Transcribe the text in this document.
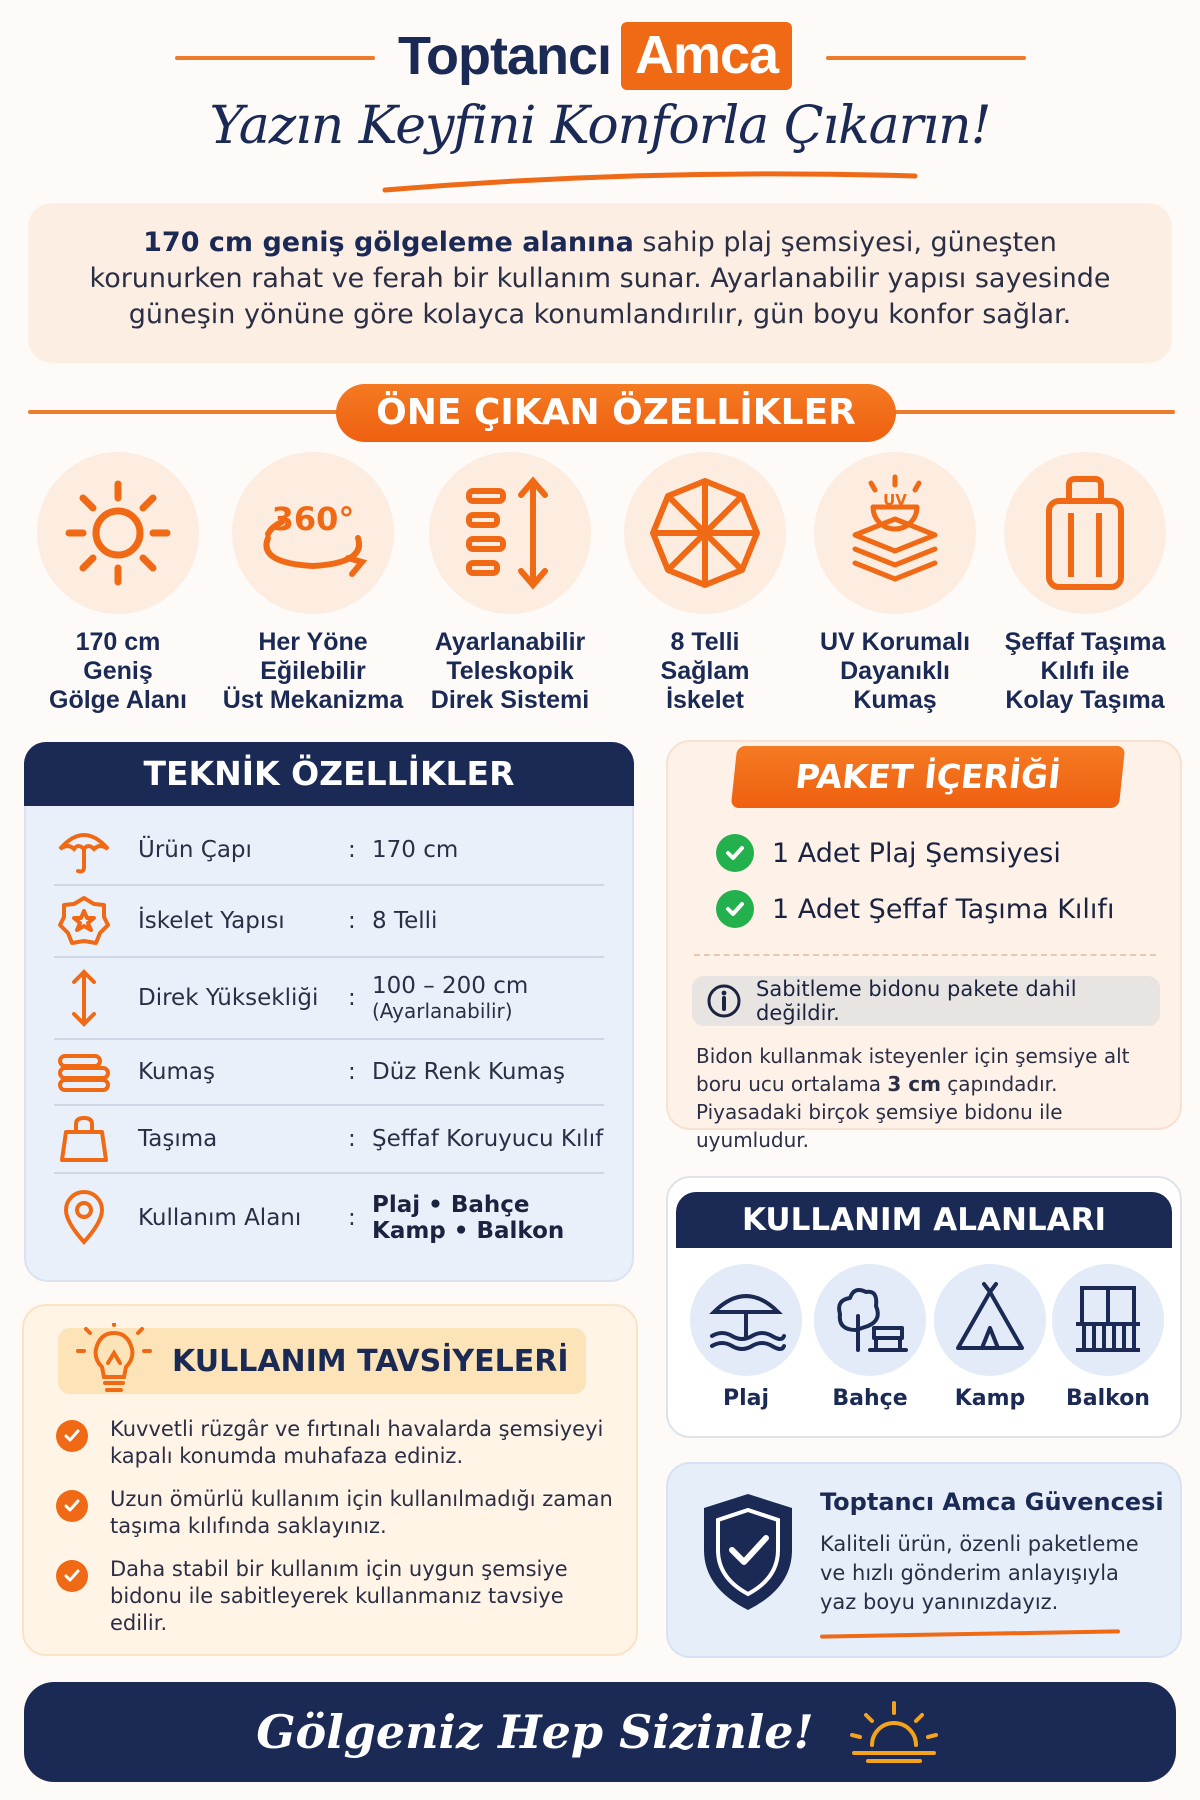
Toptancı Amca
Yazın Keyfini Konforla Çıkarın!
170 cm geniş gölgeleme alanına sahip plaj şemsiyesi, güneşten korunurken rahat ve ferah bir kullanım sunar. Ayarlanabilir yapısı sayesinde güneşin yönüne göre kolayca konumlandırılır, gün boyu konfor sağlar.
ÖNE ÇIKAN ÖZELLİKLER
170 cm
Geniş
Gölge Alanı
360°
Her Yöne
Eğilebilir
Üst Mekanizma
Ayarlanabilir
Teleskopik
Direk Sistemi
8 Telli
Sağlam
İskelet
UV
UV Korumalı
Dayanıklı
Kumaş
Şeffaf Taşıma
Kılıfı ile
Kolay Taşıma
TEKNİK ÖZELLİKLER
Ürün Çapı	: 170 cm
İskelet Yapısı	: 8 Telli
Direk Yüksekliği	: 100 – 200 cm
(Ayarlanabilir)
Kumaş	: Düz Renk Kumaş
Taşıma	: Şeffaf Koruyucu Kılıf
Kullanım Alanı	: Plaj • Bahçe
Kamp • Balkon
PAKET İÇERİĞİ
1 Adet Plaj Şemsiyesi
1 Adet Şeffaf Taşıma Kılıfı
Sabitleme bidonu pakete dahil değildir.
Bidon kullanmak isteyenler için şemsiye alt boru ucu ortalama 3 cm çapındadır. Piyasadaki birçok şemsiye bidonu ile uyumludur.
KULLANIM ALANLARI
Plaj	Bahçe	Kamp	Balkon
KULLANIM TAVSİYELERİ
Kuvvetli rüzgâr ve fırtınalı havalarda şemsiyeyi kapalı konumda muhafaza ediniz.
Uzun ömürlü kullanım için kullanılmadığı zaman taşıma kılıfında saklayınız.
Daha stabil bir kullanım için uygun şemsiye bidonu ile sabitleyerek kullanmanız tavsiye edilir.
Toptancı Amca Güvencesi
Kaliteli ürün, özenli paketleme ve hızlı gönderim anlayışıyla yaz boyu yanınızdayız.
Gölgeniz Hep Sizinle!
